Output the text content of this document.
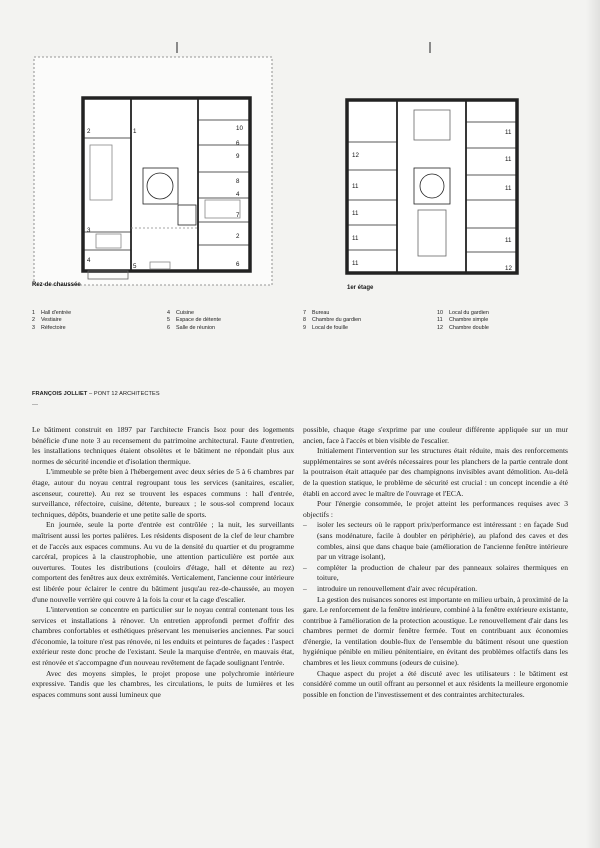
2	1
3
4
5
10
9
8
7
2
6
6
4
12
11
11
11
11
11
11
11
11
12
Rez-de chaussée	1er étage
1 Hall d'entrée
2 Vestiaire
3 Réfectoire
4 Cuisine
5 Espace de détente
6 Salle de réunion
7 Bureau
8 Chambre du gardien
9 Local de fouille
10 Local du gardien
11 Chambre simple
12 Chambre double
FRANÇOIS JOLLIET – PONT 12 ARCHITECTES
---

Le bâtiment construit en 1897 par l'architecte Francis Isoz pour des logements bénéficie d'une note 3 au recensement du patrimoine architectural. Faute d'entretien, les installations techniques étaient obsolètes et le bâtiment ne répondait plus aux normes de sécurité incendie et d'isolation thermique.

L'immeuble se prête bien à l'hébergement avec deux séries de 5 à 6 chambres par étage, autour du noyau central regroupant tous les services (sanitaires, escalier, ascenseur, courette). Au rez se trouvent les espaces communs : hall d'entrée, surveillance, réfectoire, cuisine, détente, bureaux ; le sous-sol comprend locaux techniques, dépôts, buanderie et une petite salle de sports.

En journée, seule la porte d'entrée est contrôlée ; la nuit, les surveillants maîtrisent aussi les portes palières. Les résidents disposent de la clef de leur chambre et de l'accès aux espaces communs. Au vu de la densité du quartier et du programme carcéral, propices à la claustrophobie, une attention particulière est portée aux ouvertures. Toutes les distributions (couloirs d'étage, hall et détente au rez) comportent des fenêtres aux deux extrémités. Verticalement, l'ancienne cour intérieure est libérée pour éclairer le centre du bâtiment jusqu'au rez-de-chaussée, au moyen d'une nouvelle verrière qui couvre à la fois la cour et la cage d'escalier.

L'intervention se concentre en particulier sur le noyau central contenant tous les services et installations à rénover. Un entretien approfondi permet d'offrir des chambres confortables et esthétiques préservant les menuiseries anciennes. Par souci d'économie, la toiture n'est pas rénovée, ni les enduits et peintures de façades : l'aspect extérieur reste donc proche de l'existant. Seule la marquise d'entrée, en mauvais état, est rénovée et s'accompagne d'un nouveau revêtement de façade soulignant l'entrée.

Avec des moyens simples, le projet propose une polychromie intérieure expressive. Tandis que les chambres, les circulations, le puits de lumières et les espaces communs sont aussi lumineux que

possible, chaque étage s'exprime par une couleur différente appliquée sur un mur ancien, face à l'accès et bien visible de l'escalier.

Initialement l'intervention sur les structures était réduite, mais des renforcements supplémentaires se sont avérés nécessaires pour les planchers de la partie centrale dont la poutraison était attaquée par des champignons invisibles avant démolition. Au-delà de la question statique, le problème de sécurité est crucial : un concept incendie a été établi en accord avec le maître de l'ouvrage et l'ECA.

Pour l'énergie consommée, le projet atteint les performances requises avec 3 objectifs :

–	isoler les secteurs où le rapport prix/performance est intéressant : en façade Sud (sans modénature, facile à doubler en périphérie), au plafond des caves et des combles, ainsi que dans chaque baie (amélioration de l'ancienne fenêtre intérieure par un vitrage isolant),
–	compléter la production de chaleur par des panneaux solaires thermiques en toiture,
–	introduire un renouvellement d'air avec récupération.

La gestion des nuisances sonores est importante en milieu urbain, à proximité de la gare. Le renforcement de la fenêtre intérieure, combiné à la fenêtre extérieure existante, contribue à l'amélioration de la protection acoustique. Le renouvellement d'air dans les chambres permet de dormir fenêtre fermée. Tout en contribuant aux économies d'énergie, la ventilation double-flux de l'ensemble du bâtiment résout une question hygiénique pénible en milieu pénitentiaire, en évitant des problèmes olfactifs dans les chambres et les lieux communs (odeurs de cuisine).

Chaque aspect du projet a été discuté avec les utilisateurs : le bâtiment est considéré comme un outil offrant au personnel et aux résidents la meilleure ergonomie possible en fonction de l'investissement et des contraintes architecturales.
